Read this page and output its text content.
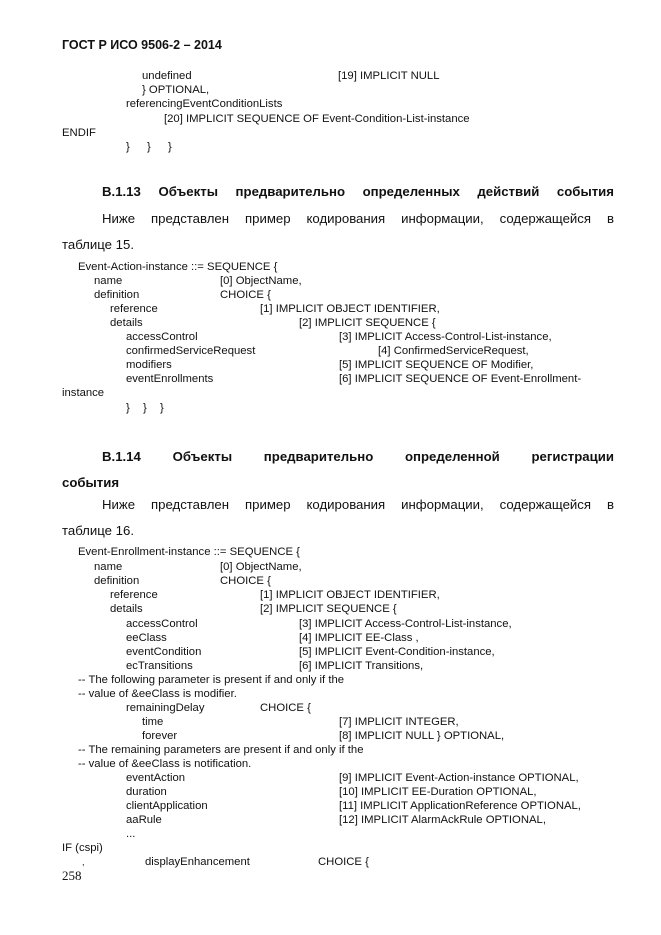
ГОСТ Р ИСО 9506-2 – 2014
undefined	[19] IMPLICIT NULL
} OPTIONAL,
referencingEventConditionLists
[20] IMPLICIT SEQUENCE OF Event-Condition-List-instance
ENDIF
} } }
В.1.13 Объекты предварительно определенных действий события
Ниже представлен пример кодирования информации, содержащейся в
таблице 15.
Event-Action-instance ::= SEQUENCE {
name	[0] ObjectName,
definition	CHOICE {
reference	[1] IMPLICIT OBJECT IDENTIFIER,
details	[2] IMPLICIT SEQUENCE {
accessControl	[3] IMPLICIT Access-Control-List-instance,
confirmedServiceRequest	[4] ConfirmedServiceRequest,
modifiers	[5] IMPLICIT SEQUENCE OF Modifier,
eventEnrollments	[6] IMPLICIT SEQUENCE OF Event-Enrollment-
instance
} } }
В.1.14 Объекты предварительно определенной регистрации
события
Ниже представлен пример кодирования информации, содержащейся в
таблице 16.
Event-Enrollment-instance ::= SEQUENCE {
name	[0] ObjectName,
definition	CHOICE {
reference	[1] IMPLICIT OBJECT IDENTIFIER,
details	[2] IMPLICIT SEQUENCE {
accessControl	[3] IMPLICIT Access-Control-List-instance,
eeClass	[4] IMPLICIT EE-Class ,
eventCondition	[5] IMPLICIT Event-Condition-instance,
ecTransitions	[6] IMPLICIT Transitions,
-- The following parameter is present if and only if the
-- value of &eeClass is modifier.
remainingDelay	CHOICE {
time	[7] IMPLICIT INTEGER,
forever	[8] IMPLICIT NULL } OPTIONAL,
-- The remaining parameters are present if and only if the
-- value of &eeClass is notification.
eventAction	[9] IMPLICIT Event-Action-instance OPTIONAL,
duration	[10] IMPLICIT EE-Duration OPTIONAL,
clientApplication	[11] IMPLICIT ApplicationReference OPTIONAL,
aaRule	[12] IMPLICIT AlarmAckRule OPTIONAL,
...
IF (cspi)
,	displayEnhancement	CHOICE {
258
